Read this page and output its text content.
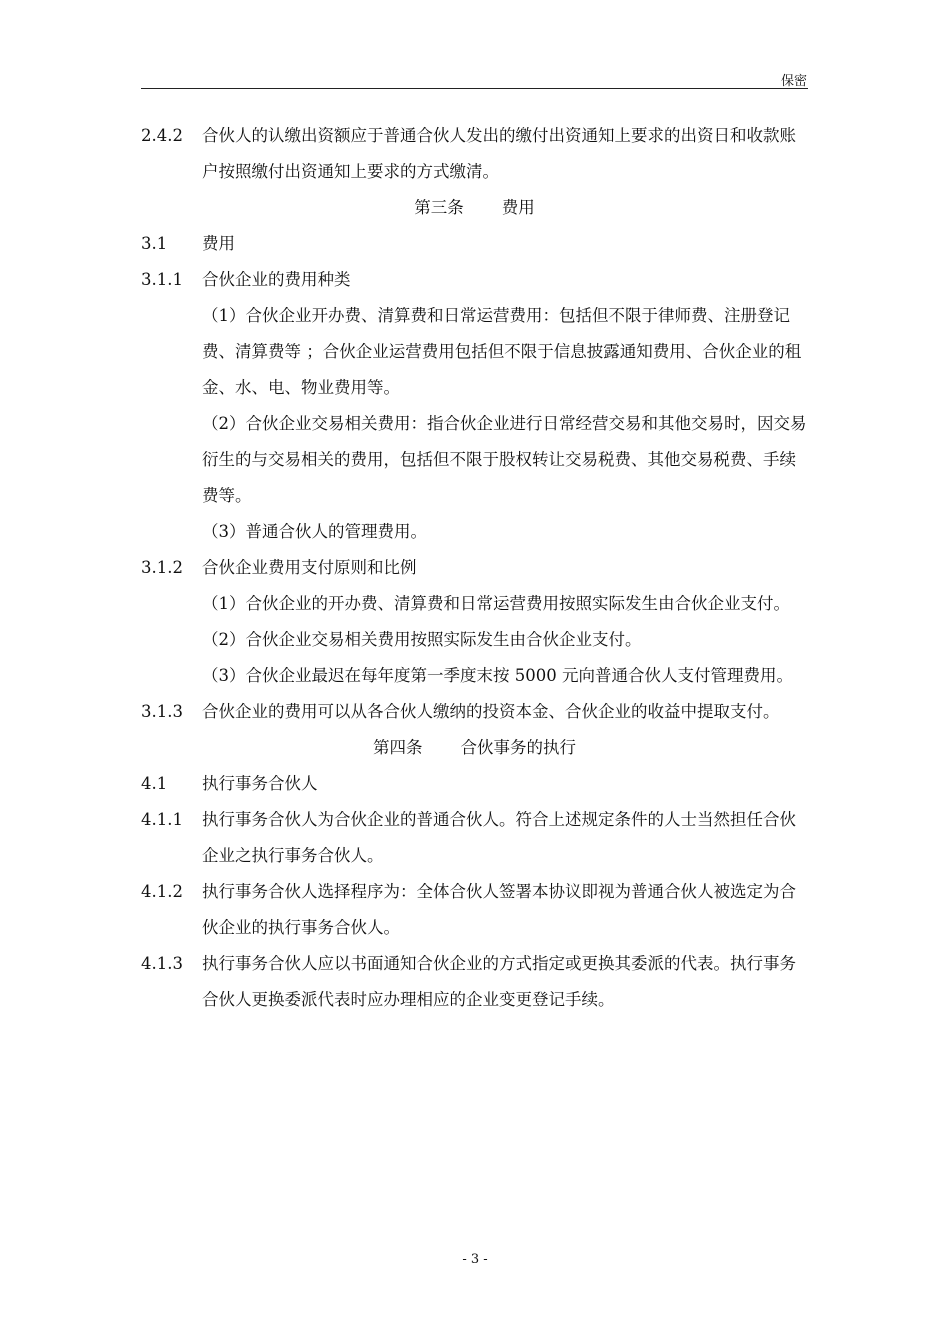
保密
2.4.2	合伙人的认缴出资额应于普通合伙人发出的缴付出资通知上要求的出资日和收款账户按照缴付出资通知上要求的方式缴清。
第三条 费用
3.1	费用
3.1.1	合伙企业的费用种类
（1）合伙企业开办费、清算费和日常运营费用：包括但不限于律师费、注册登记费、清算费等 ；合伙企业运营费用包括但不限于信息披露通知费用、合伙企业的租金、水、电、物业费用等。
（2）合伙企业交易相关费用：指合伙企业进行日常经营交易和其他交易时，因交易衍生的与交易相关的费用，包括但不限于股权转让交易税费、其他交易税费、手续费等。
（3）普通合伙人的管理费用。
3.1.2	合伙企业费用支付原则和比例
（1）合伙企业的开办费、清算费和日常运营费用按照实际发生由合伙企业支付。
（2）合伙企业交易相关费用按照实际发生由合伙企业支付。
（3）合伙企业最迟在每年度第一季度末按 5000 元向普通合伙人支付管理费用。
3.1.3	合伙企业的费用可以从各合伙人缴纳的投资本金、合伙企业的收益中提取支付。
第四条 合伙事务的执行
4.1	执行事务合伙人
4.1.1	执行事务合伙人为合伙企业的普通合伙人。符合上述规定条件的人士当然担任合伙企业之执行事务合伙人。
4.1.2	执行事务合伙人选择程序为：全体合伙人签署本协议即视为普通合伙人被选定为合伙企业的执行事务合伙人。
4.1.3	执行事务合伙人应以书面通知合伙企业的方式指定或更换其委派的代表。执行事务合伙人更换委派代表时应办理相应的企业变更登记手续。
- 3 -
